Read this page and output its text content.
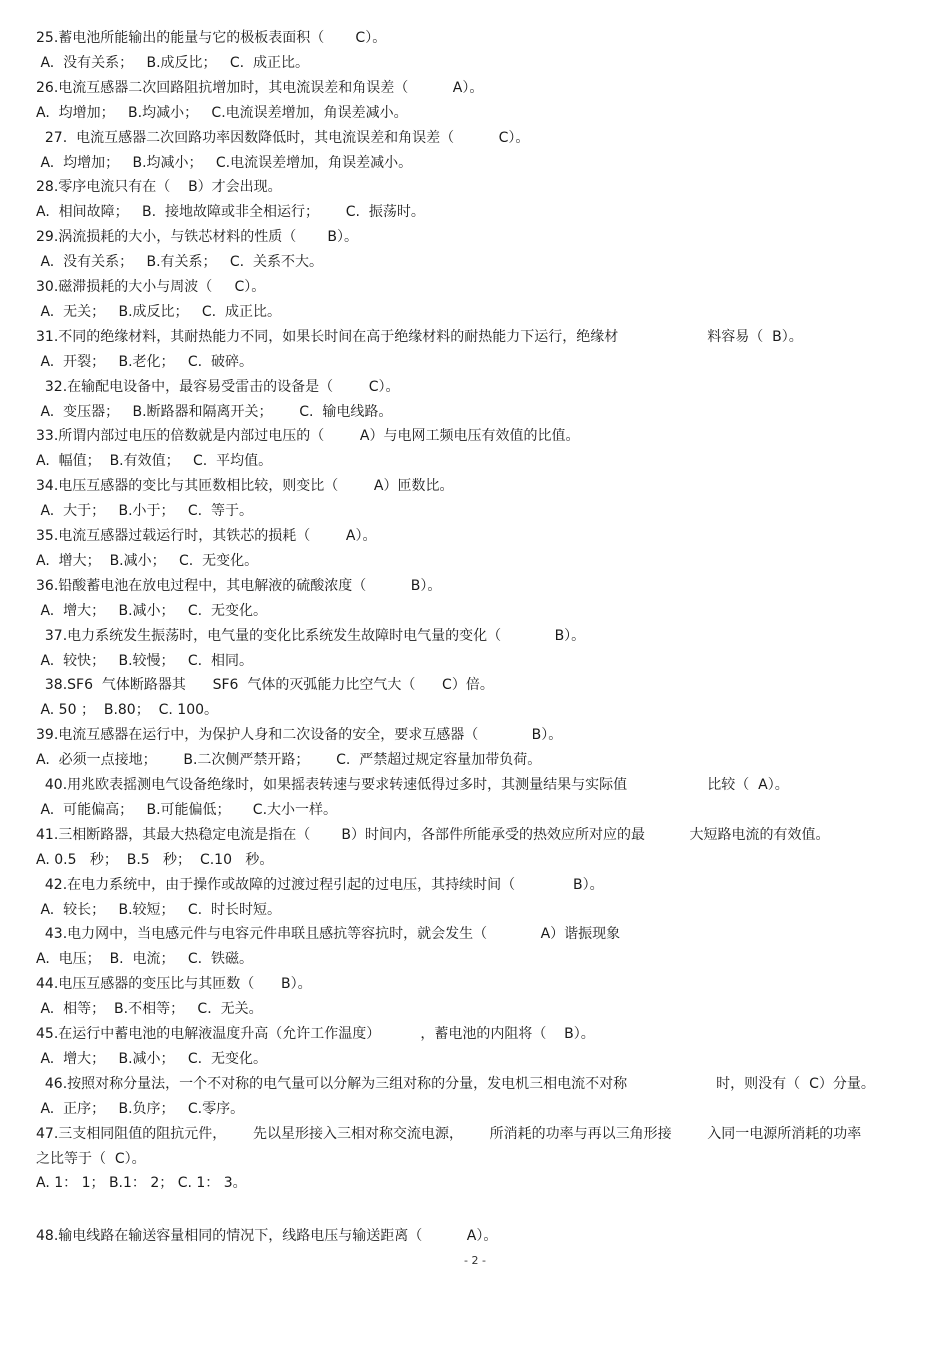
25.蓄电池所能输出的能量与它的极板表面积（       C）。
A.  没有关系；   B.成反比；   C.  成正比。
26.电流互感器二次回路阻抗增加时，其电流误差和角误差（          A）。
A.  均增加；   B.均减小；   C.电流误差增加，角误差减小。
27.  电流互感器二次回路功率因数降低时，其电流误差和角误差（          C）。
A.  均增加；   B.均减小；   C.电流误差增加，角误差减小。
28.零序电流只有在（    B）才会出现。
A.  相间故障；   B.  接地故障或非全相运行；      C.  振荡时。
29.涡流损耗的大小，与铁芯材料的性质（       B）。
A.  没有关系；   B.有关系；   C.  关系不大。
30.磁滞损耗的大小与周波（     C）。
A.  无关；   B.成反比；   C.  成正比。
31.不同的绝缘材料，其耐热能力不同，如果长时间在高于绝缘材料的耐热能力下运行，绝缘材                    料容易（  B）。
A.  开裂；   B.老化；   C.  破碎。
32.在输配电设备中，最容易受雷击的设备是（        C）。
A.  变压器；   B.断路器和隔离开关；      C.  输电线路。
33.所谓内部过电压的倍数就是内部过电压的（        A）与电网工频电压有效值的比值。
A.  幅值；  B.有效值；   C.  平均值。
34.电压互感器的变比与其匝数相比较，则变比（        A）匝数比。
A.  大于；   B.小于；   C.  等于。
35.电流互感器过载运行时，其铁芯的损耗（        A）。
A.  增大；  B.减小；   C.  无变化。
36.铅酸蓄电池在放电过程中，其电解液的硫酸浓度（          B）。
A.  增大；   B.减小；   C.  无变化。
37.电力系统发生振荡时，电气量的变化比系统发生故障时电气量的变化（            B）。
A.  较快；   B.较慢；   C.  相同。
38.SF6  气体断路器其      SF6  气体的灭弧能力比空气大（      C）倍。
A. 50 ；  B.80；  C. 100。
39.电流互感器在运行中，为保护人身和二次设备的安全，要求互感器（            B）。
A.  必须一点接地；      B.二次侧严禁开路；      C.  严禁超过规定容量加带负荷。
40.用兆欧表摇测电气设备绝缘时，如果摇表转速与要求转速低得过多时，其测量结果与实际值                  比较（  A）。
A.  可能偏高；   B.可能偏低；     C.大小一样。
41.三相断路器，其最大热稳定电流是指在（       B）时间内，各部件所能承受的热效应所对应的最          大短路电流的有效值。
A. 0.5   秒；  B.5   秒；  C.10   秒。
42.在电力系统中，由于操作或故障的过渡过程引起的过电压，其持续时间（             B）。
A.  较长；   B.较短；   C.  时长时短。
43.电力网中，当电感元件与电容元件串联且感抗等容抗时，就会发生（            A）谐振现象
A.  电压；  B.  电流；   C.  铁磁。
44.电压互感器的变压比与其匝数（      B）。
A.  相等；  B.不相等；   C.  无关。
45.在运行中蓄电池的电解液温度升高（允许工作温度）         ，蓄电池的内阻将（    B）。
A.  增大；   B.减小；   C.  无变化。
46.按照对称分量法，一个不对称的电气量可以分解为三组对称的分量，发电机三相电流不对称                    时，则没有（  C）分量。
A.  正序；   B.负序；   C.零序。
47.三支相同阻值的阻抗元件，      先以星形接入三相对称交流电源，      所消耗的功率与再以三角形接        入同一电源所消耗的功率
之比等于（  C）。
A. 1： 1； B.1： 2； C. 1： 3。
48.输电线路在输送容量相同的情况下，线路电压与输送距离（          A）。
- 2 -
